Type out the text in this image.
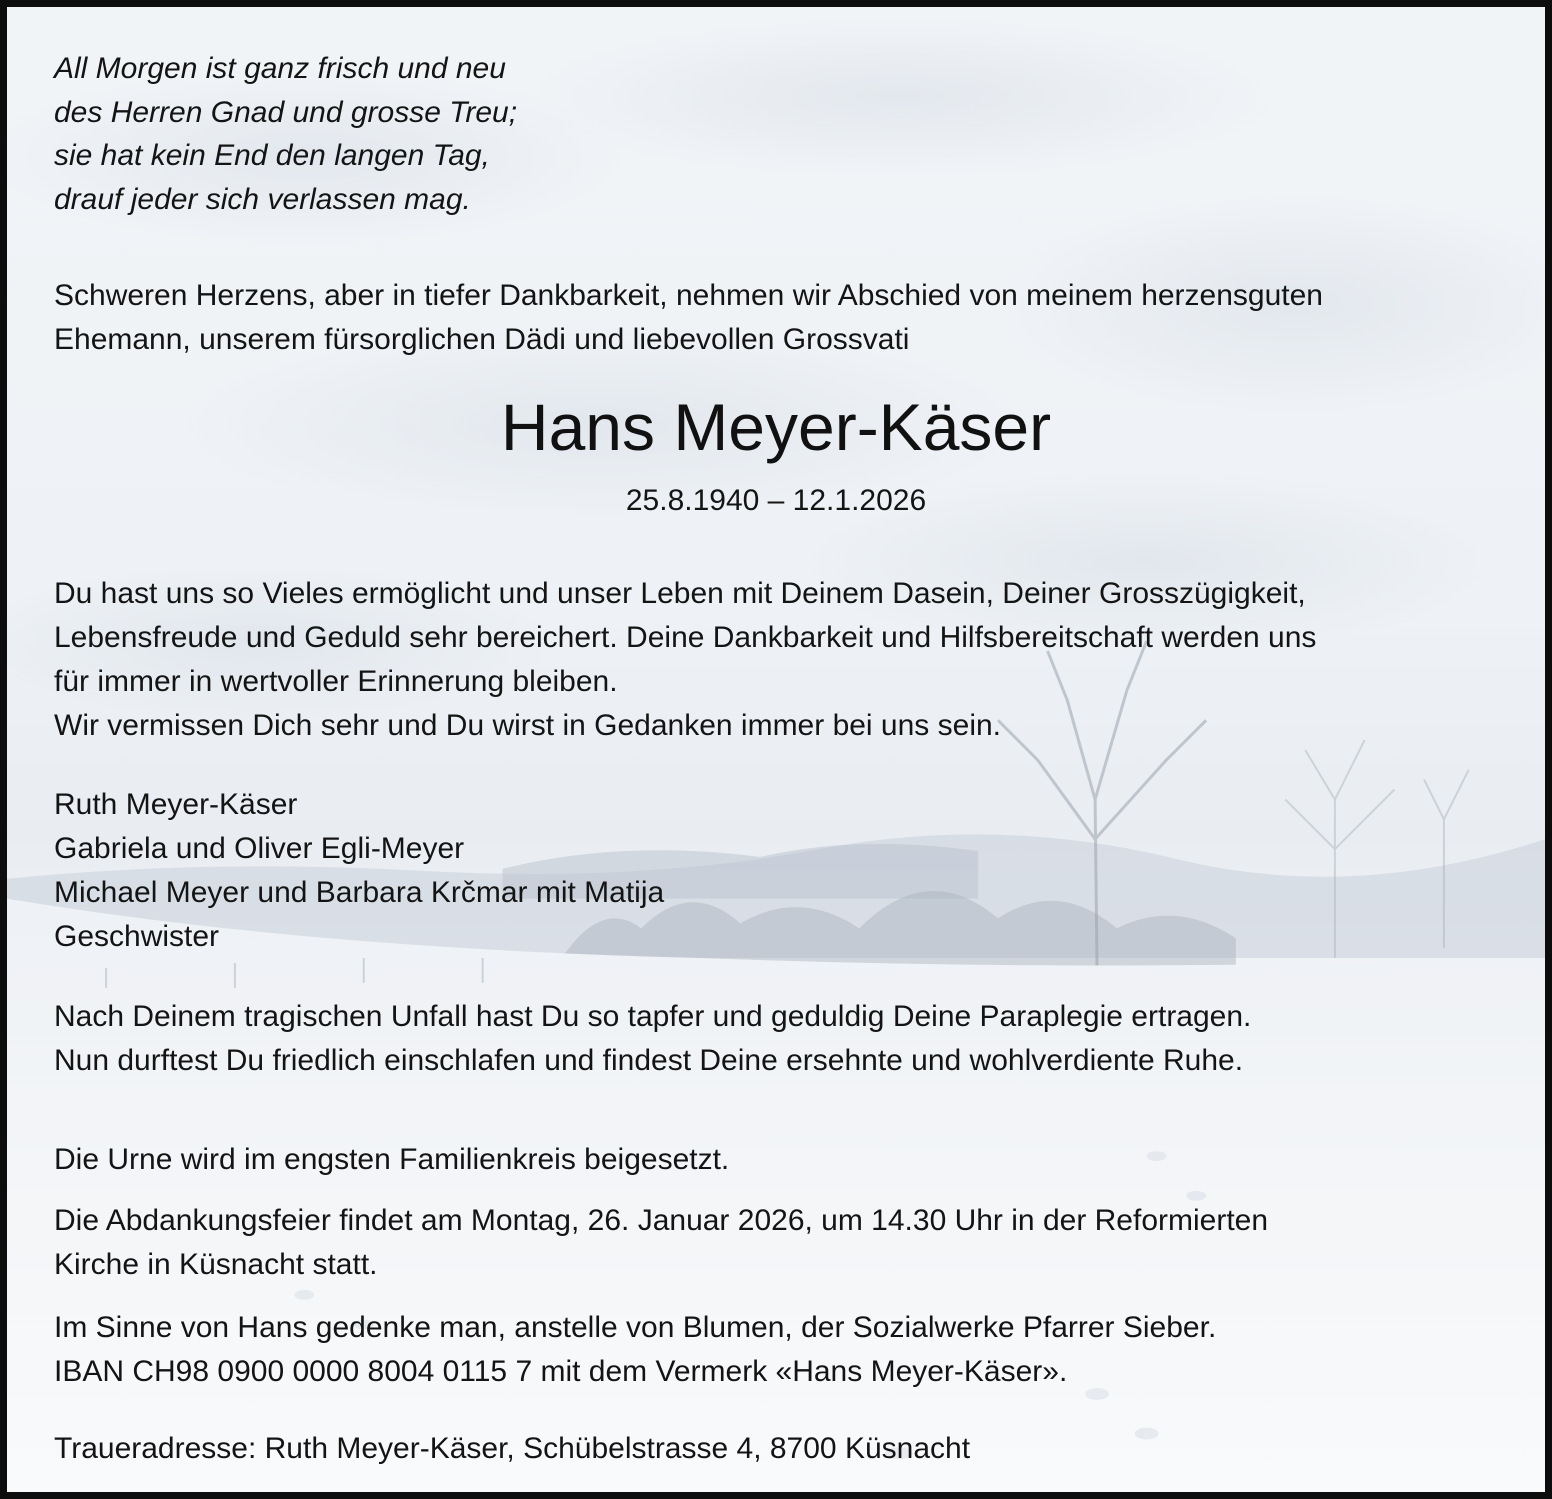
All Morgen ist ganz frisch und neu
des Herren Gnad und grosse Treu;
sie hat kein End den langen Tag,
drauf jeder sich verlassen mag.
Schweren Herzens, aber in tiefer Dankbarkeit, nehmen wir Abschied von meinem herzensguten
Ehemann, unserem fürsorglichen Dädi und liebevollen Grossvati
Hans Meyer-Käser
25.8.1940 – 12.1.2026
Du hast uns so Vieles ermöglicht und unser Leben mit Deinem Dasein, Deiner Grosszügigkeit,
Lebensfreude und Geduld sehr bereichert. Deine Dankbarkeit und Hilfsbereitschaft werden uns
für immer in wertvoller Erinnerung bleiben.
Wir vermissen Dich sehr und Du wirst in Gedanken immer bei uns sein.
Ruth Meyer-Käser
Gabriela und Oliver Egli-Meyer
Michael Meyer und Barbara Krčmar mit Matija
Geschwister
Nach Deinem tragischen Unfall hast Du so tapfer und geduldig Deine Paraplegie ertragen.
Nun durftest Du friedlich einschlafen und findest Deine ersehnte und wohlverdiente Ruhe.
Die Urne wird im engsten Familienkreis beigesetzt.
Die Abdankungsfeier findet am Montag, 26. Januar 2026, um 14.30 Uhr in der Reformierten
Kirche in Küsnacht statt.
Im Sinne von Hans gedenke man, anstelle von Blumen, der Sozialwerke Pfarrer Sieber.
IBAN CH98 0900 0000 8004 0115 7 mit dem Vermerk «Hans Meyer-Käser».
Traueradresse: Ruth Meyer-Käser, Schübelstrasse 4, 8700 Küsnacht
